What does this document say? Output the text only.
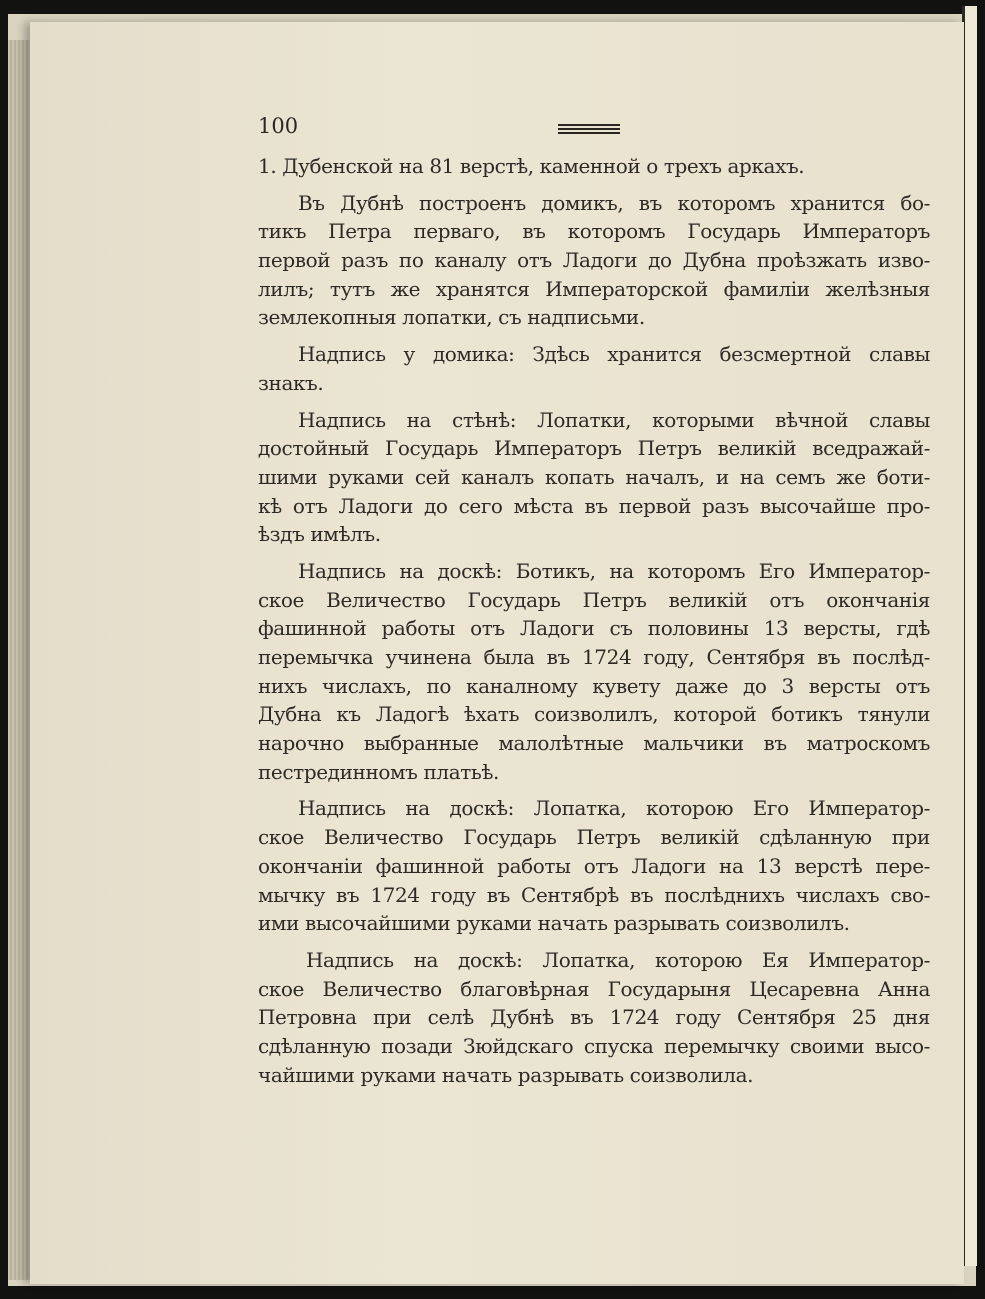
100
1. Дубенской на 81 верстѣ, каменной о трехъ аркахъ.
Въ Дубнѣ построенъ домикъ, въ которомъ хранится бо-
тикъ Петра перваго, въ которомъ Государь Императоръ
первой разъ по каналу отъ Ладоги до Дубна проѣзжать изво-
лилъ; тутъ же хранятся Императорской фамиліи желѣзныя
землекопныя лопатки, съ надписьми.
Надпись у домика: Здѣсь хранится безсмертной славы
знакъ.
Надпись на стѣнѣ: Лопатки, которыми вѣчной славы
достойный Государь Императоръ Петръ великій вседражай-
шими руками сей каналъ копать началъ, и на семъ же боти-
кѣ отъ Ладоги до сего мѣста въ первой разъ высочайше про-
ѣздъ имѣлъ.
Надпись на доскѣ: Ботикъ, на которомъ Его Император-
ское Величество Государь Петръ великій отъ окончанія
фашинной работы отъ Ладоги съ половины 13 версты, гдѣ
перемычка учинена была въ 1724 году, Сентября въ послѣд-
нихъ числахъ, по каналному кувету даже до 3 версты отъ
Дубна къ Ладогѣ ѣхать соизволилъ, которой ботикъ тянули
нарочно выбранные малолѣтные мальчики въ матроскомъ
пестрединномъ платьѣ.
Надпись на доскѣ: Лопатка, которою Его Император-
ское Величество Государь Петръ великій сдѣланную при
окончаніи фашинной работы отъ Ладоги на 13 верстѣ пере-
мычку въ 1724 году въ Сентябрѣ въ послѣднихъ числахъ сво-
ими высочайшими руками начать разрывать соизволилъ.
Надпись на доскѣ: Лопатка, которою Ея Император-
ское Величество благовѣрная Государыня Цесаревна Анна
Петровна при селѣ Дубнѣ въ 1724 году Сентября 25 дня
сдѣланную позади Зюйдскаго спуска перемычку своими высо-
чайшими руками начать разрывать соизволила.
